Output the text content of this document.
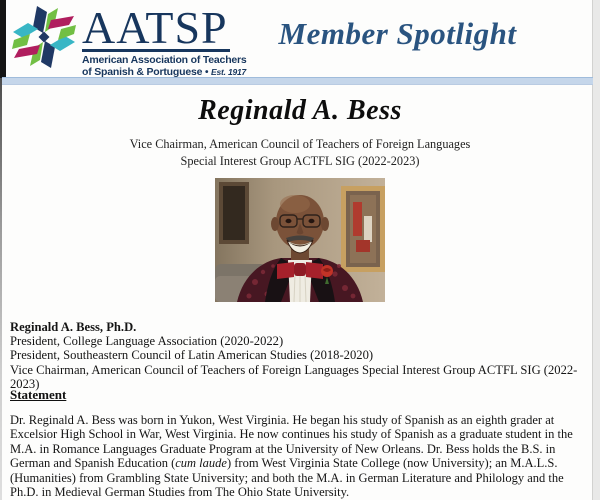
AATSP
American Association of Teachers
of Spanish & Portuguese • Est. 1917
Member Spotlight
Reginald A. Bess
Vice Chairman, American Council of Teachers of Foreign Languages
Special Interest Group ACTFL SIG (2022-2023)
Reginald A. Bess, Ph.D.
President, College Language Association (2020-2022)
President, Southeastern Council of Latin American Studies (2018-2020)
Vice Chairman, American Council of Teachers of Foreign Languages Special Interest Group ACTFL SIG (2022-2023)
Statement
Dr. Reginald A. Bess was born in Yukon, West Virginia. He began his study of Spanish as an eighth grader at Excelsior High School in War, West Virginia. He now continues his study of Spanish as a graduate student in the M.A. in Romance Languages Graduate Program at the University of New Orleans. Dr. Bess holds the B.S. in German and Spanish Education (cum laude) from West Virginia State College (now University); an M.A.L.S. (Humanities) from Grambling State University; and both the M.A. in German Literature and Philology and the Ph.D. in Medieval German Studies from The Ohio State University.
